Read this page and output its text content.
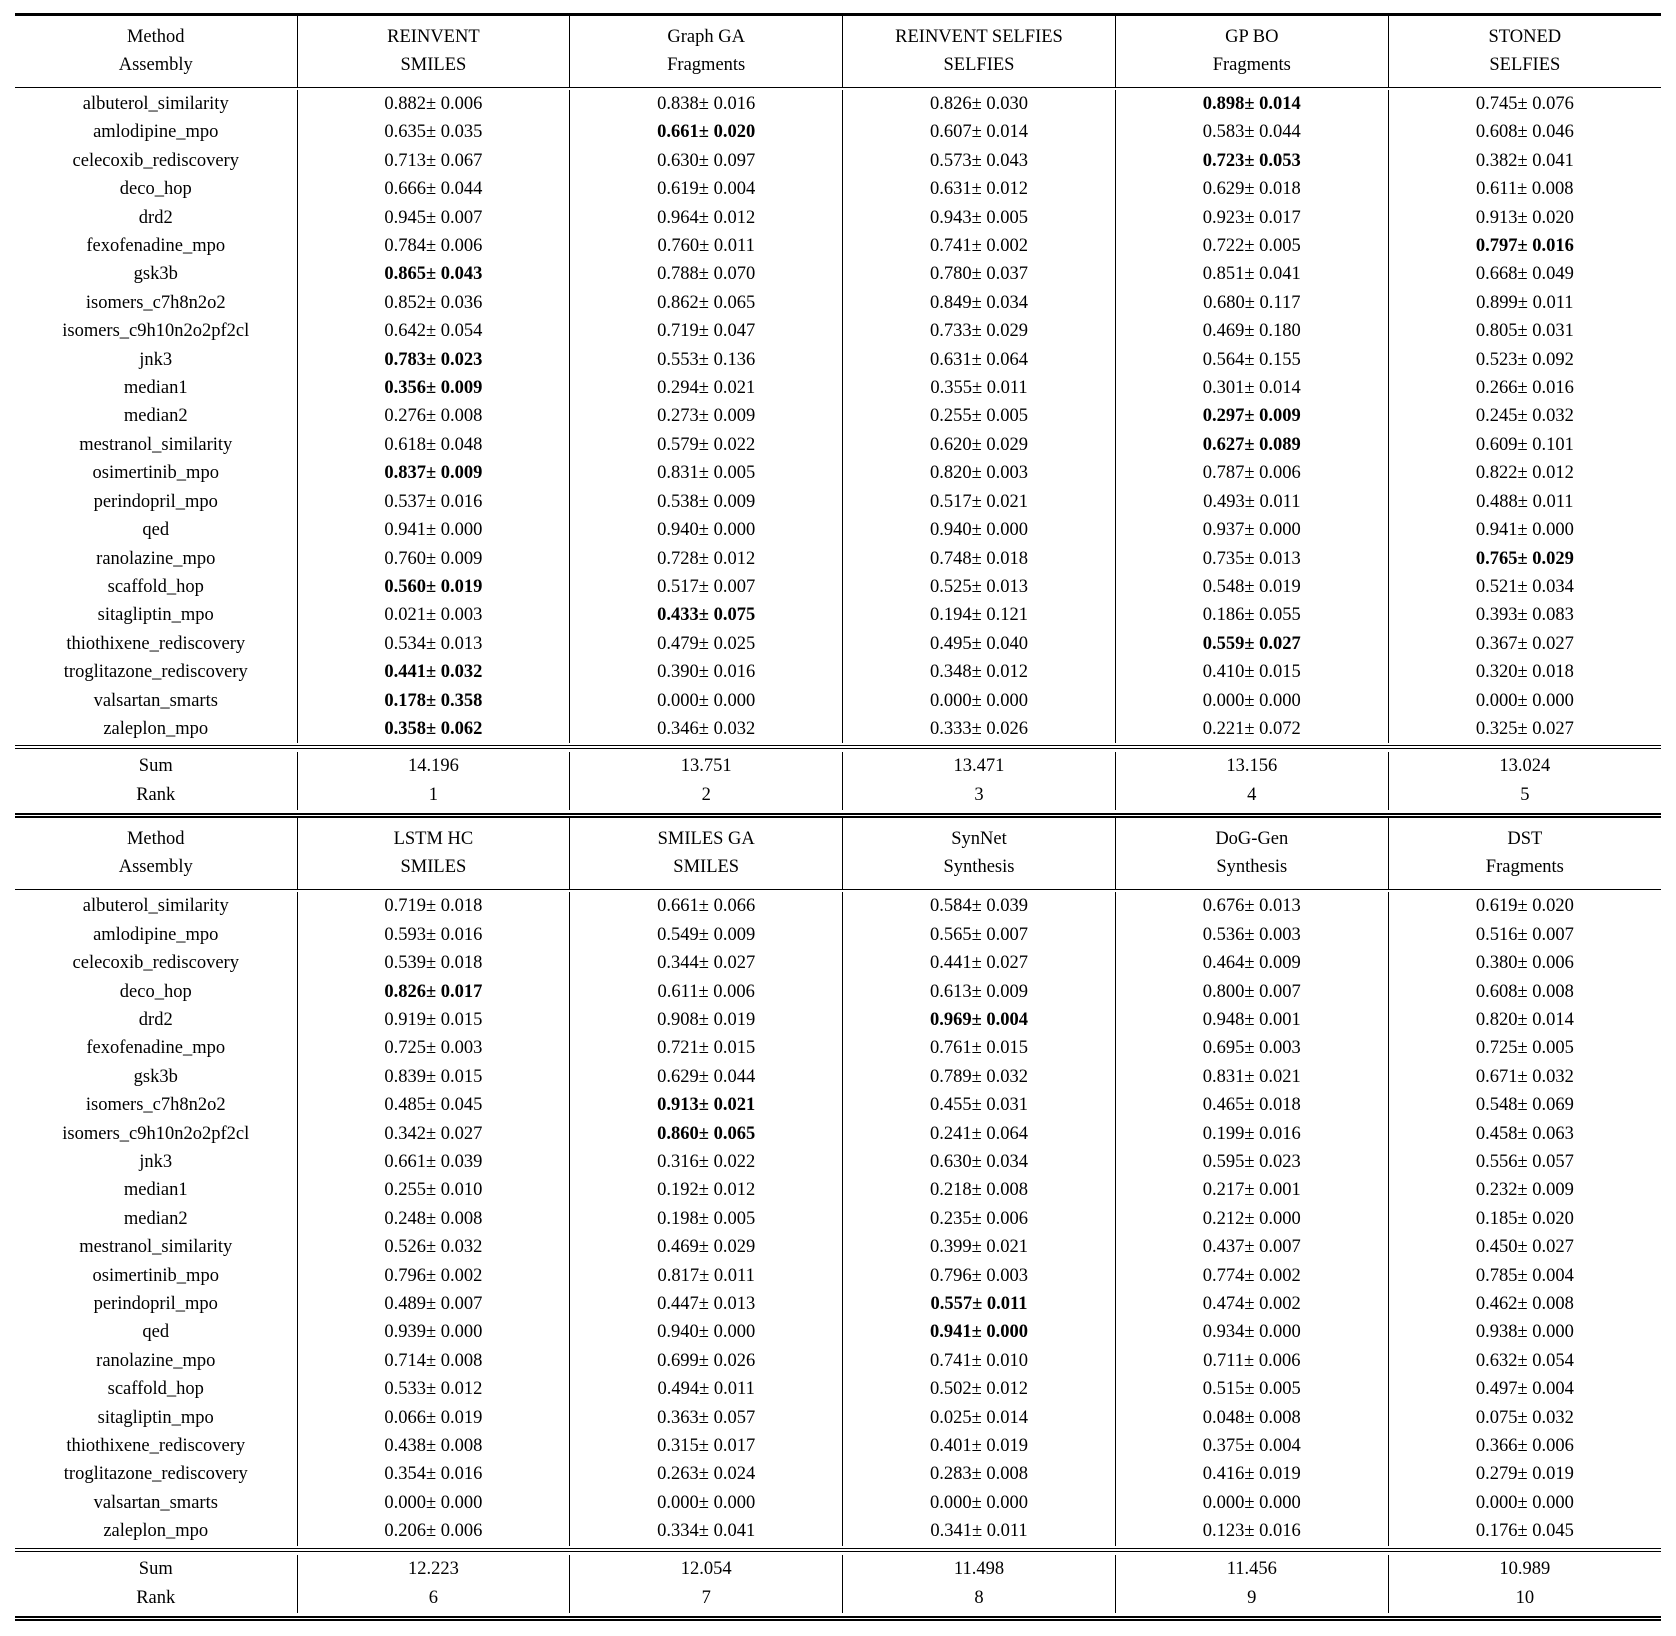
Method
Assembly

REINVENT
SMILES

Graph GA
Fragments

REINVENT SELFIES
SELFIES

GP BO
Fragments

STONED
SELFIES
albuterol_similarity	0.882± 0.006	0.838± 0.016	0.826± 0.030	0.898± 0.014	0.745± 0.076
amlodipine_mpo	0.635± 0.035	0.661± 0.020	0.607± 0.014	0.583± 0.044	0.608± 0.046
celecoxib_rediscovery	0.713± 0.067	0.630± 0.097	0.573± 0.043	0.723± 0.053	0.382± 0.041
deco_hop	0.666± 0.044	0.619± 0.004	0.631± 0.012	0.629± 0.018	0.611± 0.008
drd2	0.945± 0.007	0.964± 0.012	0.943± 0.005	0.923± 0.017	0.913± 0.020
fexofenadine_mpo	0.784± 0.006	0.760± 0.011	0.741± 0.002	0.722± 0.005	0.797± 0.016
gsk3b	0.865± 0.043	0.788± 0.070	0.780± 0.037	0.851± 0.041	0.668± 0.049
isomers_c7h8n2o2	0.852± 0.036	0.862± 0.065	0.849± 0.034	0.680± 0.117	0.899± 0.011
isomers_c9h10n2o2pf2cl	0.642± 0.054	0.719± 0.047	0.733± 0.029	0.469± 0.180	0.805± 0.031
jnk3	0.783± 0.023	0.553± 0.136	0.631± 0.064	0.564± 0.155	0.523± 0.092
median1	0.356± 0.009	0.294± 0.021	0.355± 0.011	0.301± 0.014	0.266± 0.016
median2	0.276± 0.008	0.273± 0.009	0.255± 0.005	0.297± 0.009	0.245± 0.032
mestranol_similarity	0.618± 0.048	0.579± 0.022	0.620± 0.029	0.627± 0.089	0.609± 0.101
osimertinib_mpo	0.837± 0.009	0.831± 0.005	0.820± 0.003	0.787± 0.006	0.822± 0.012
perindopril_mpo	0.537± 0.016	0.538± 0.009	0.517± 0.021	0.493± 0.011	0.488± 0.011
qed	0.941± 0.000	0.940± 0.000	0.940± 0.000	0.937± 0.000	0.941± 0.000
ranolazine_mpo	0.760± 0.009	0.728± 0.012	0.748± 0.018	0.735± 0.013	0.765± 0.029
scaffold_hop	0.560± 0.019	0.517± 0.007	0.525± 0.013	0.548± 0.019	0.521± 0.034
sitagliptin_mpo	0.021± 0.003	0.433± 0.075	0.194± 0.121	0.186± 0.055	0.393± 0.083
thiothixene_rediscovery	0.534± 0.013	0.479± 0.025	0.495± 0.040	0.559± 0.027	0.367± 0.027
troglitazone_rediscovery	0.441± 0.032	0.390± 0.016	0.348± 0.012	0.410± 0.015	0.320± 0.018
valsartan_smarts	0.178± 0.358	0.000± 0.000	0.000± 0.000	0.000± 0.000	0.000± 0.000
zaleplon_mpo	0.358± 0.062	0.346± 0.032	0.333± 0.026	0.221± 0.072	0.325± 0.027
Sum	14.196	13.751	13.471	13.156	13.024
Rank	1	2	3	4	5
Method
Assembly

LSTM HC
SMILES

SMILES GA
SMILES

SynNet
Synthesis

DoG-Gen
Synthesis

DST
Fragments
albuterol_similarity	0.719± 0.018	0.661± 0.066	0.584± 0.039	0.676± 0.013	0.619± 0.020
amlodipine_mpo	0.593± 0.016	0.549± 0.009	0.565± 0.007	0.536± 0.003	0.516± 0.007
celecoxib_rediscovery	0.539± 0.018	0.344± 0.027	0.441± 0.027	0.464± 0.009	0.380± 0.006
deco_hop	0.826± 0.017	0.611± 0.006	0.613± 0.009	0.800± 0.007	0.608± 0.008
drd2	0.919± 0.015	0.908± 0.019	0.969± 0.004	0.948± 0.001	0.820± 0.014
fexofenadine_mpo	0.725± 0.003	0.721± 0.015	0.761± 0.015	0.695± 0.003	0.725± 0.005
gsk3b	0.839± 0.015	0.629± 0.044	0.789± 0.032	0.831± 0.021	0.671± 0.032
isomers_c7h8n2o2	0.485± 0.045	0.913± 0.021	0.455± 0.031	0.465± 0.018	0.548± 0.069
isomers_c9h10n2o2pf2cl	0.342± 0.027	0.860± 0.065	0.241± 0.064	0.199± 0.016	0.458± 0.063
jnk3	0.661± 0.039	0.316± 0.022	0.630± 0.034	0.595± 0.023	0.556± 0.057
median1	0.255± 0.010	0.192± 0.012	0.218± 0.008	0.217± 0.001	0.232± 0.009
median2	0.248± 0.008	0.198± 0.005	0.235± 0.006	0.212± 0.000	0.185± 0.020
mestranol_similarity	0.526± 0.032	0.469± 0.029	0.399± 0.021	0.437± 0.007	0.450± 0.027
osimertinib_mpo	0.796± 0.002	0.817± 0.011	0.796± 0.003	0.774± 0.002	0.785± 0.004
perindopril_mpo	0.489± 0.007	0.447± 0.013	0.557± 0.011	0.474± 0.002	0.462± 0.008
qed	0.939± 0.000	0.940± 0.000	0.941± 0.000	0.934± 0.000	0.938± 0.000
ranolazine_mpo	0.714± 0.008	0.699± 0.026	0.741± 0.010	0.711± 0.006	0.632± 0.054
scaffold_hop	0.533± 0.012	0.494± 0.011	0.502± 0.012	0.515± 0.005	0.497± 0.004
sitagliptin_mpo	0.066± 0.019	0.363± 0.057	0.025± 0.014	0.048± 0.008	0.075± 0.032
thiothixene_rediscovery	0.438± 0.008	0.315± 0.017	0.401± 0.019	0.375± 0.004	0.366± 0.006
troglitazone_rediscovery	0.354± 0.016	0.263± 0.024	0.283± 0.008	0.416± 0.019	0.279± 0.019
valsartan_smarts	0.000± 0.000	0.000± 0.000	0.000± 0.000	0.000± 0.000	0.000± 0.000
zaleplon_mpo	0.206± 0.006	0.334± 0.041	0.341± 0.011	0.123± 0.016	0.176± 0.045
Sum	12.223	12.054	11.498	11.456	10.989
Rank	6	7	8	9	10
